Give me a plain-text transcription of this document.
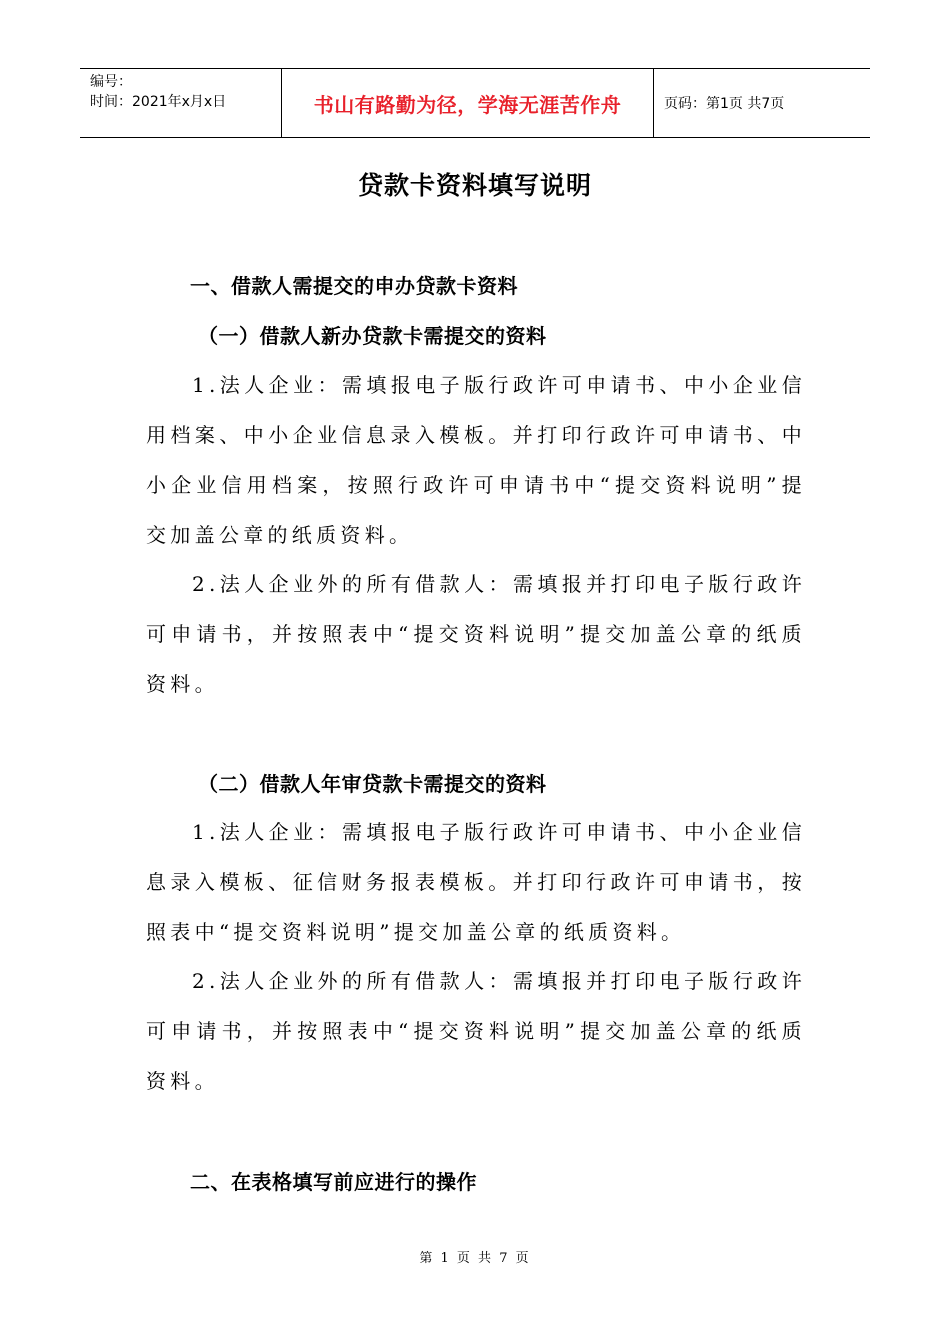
编号：
时间：2021年x月x日	书山有路勤为径，学海无涯苦作舟	页码：第1页 共7页
贷款卡资料填写说明
一、借款人需提交的申办贷款卡资料
（一）借款人新办贷款卡需提交的资料
1.法人企业：需填报电子版行政许可申请书、中小企业信用档案、中小企业信息录入模板。并打印行政许可申请书、中小企业信用档案，按照行政许可申请书中“提交资料说明”提交加盖公章的纸质资料。
2.法人企业外的所有借款人：需填报并打印电子版行政许可申请书，并按照表中“提交资料说明”提交加盖公章的纸质资料。
（二）借款人年审贷款卡需提交的资料
1.法人企业：需填报电子版行政许可申请书、中小企业信息录入模板、征信财务报表模板。并打印行政许可申请书，按照表中“提交资料说明”提交加盖公章的纸质资料。
2.法人企业外的所有借款人：需填报并打印电子版行政许可申请书，并按照表中“提交资料说明”提交加盖公章的纸质资料。
二、在表格填写前应进行的操作
第 1 页 共 7 页
